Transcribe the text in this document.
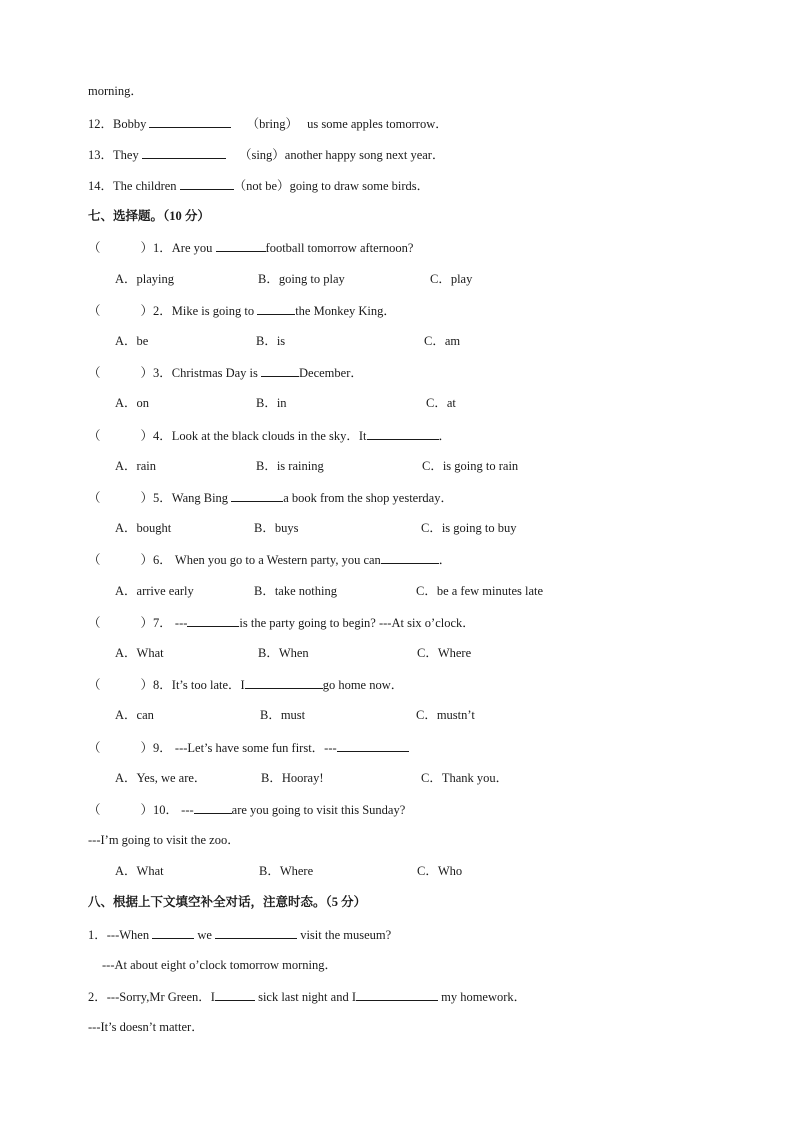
morning．
12．Bobby	（bring） us some apples tomorrow．
13．They	（sing）another happy song next year．
14．The children	（not be）going to draw some birds．
七、选择题。（10 分）
（	）1．Are you	football tomorrow afternoon?
A．playing	B．going to play	C．play
（	）2．Mike is going to	the Monkey King．
A．be	B．is	C．am
（	）3．Christmas Day is	December．
A．on	B．in	C．at
（	）4．Look at the black clouds in the sky．It	．
A．rain	B．is raining	C．is going to rain
（	）5．Wang Bing	a book from the shop yesterday．
A．bought	B．buys	C．is going to buy
（	）6． When you go to a Western party, you can	．
A．arrive early	B．take nothing	C．be a few minutes late
（	）7． ---	is the party going to begin? ---At six o’clock．
A．What	B．When	C．Where
（	）8．It’s too late．I	go home now．
A．can	B．must	C．mustn’t
（	）9． ---Let’s have some fun first．---
A．Yes, we are．	B．Hooray!	C．Thank you．
（	）10． ---	are you going to visit this Sunday?
---I’m going to visit the zoo．
A．What	B．Where	C．Who
八、根据上下文填空补全对话，注意时态。（5 分）
1．---When	we	visit the museum?
---At about eight o’clock tomorrow morning．
2．---Sorry,Mr Green．I	sick last night and I	my homework．
---It’s doesn’t matter．
